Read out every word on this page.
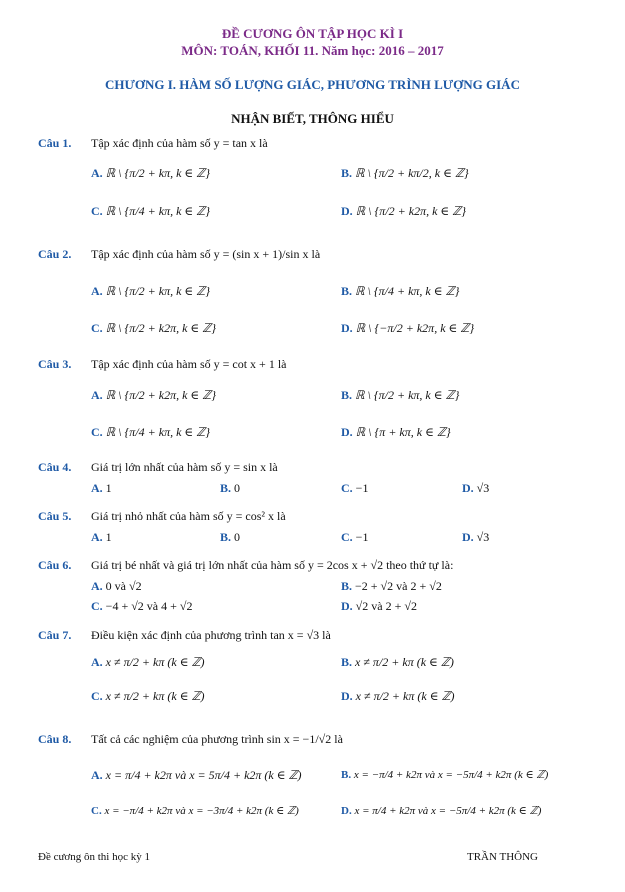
ĐỀ CƯƠNG ÔN TẬP HỌC KÌ I
MÔN: TOÁN, KHỐI 11. Năm học: 2016 – 2017
CHƯƠNG I. HÀM SỐ LƯỢNG GIÁC, PHƯƠNG TRÌNH LƯỢNG GIÁC
NHẬN BIẾT, THÔNG HIỂU
Câu 1. Tập xác định của hàm số y = tan x là
A. ℝ \ {π/2 + kπ, k ∈ ℤ}	B. ℝ \ {π/2 + kπ/2, k ∈ ℤ}
C. ℝ \ {π/4 + kπ, k ∈ ℤ}	D. ℝ \ {π/2 + k2π, k ∈ ℤ}
Câu 2. Tập xác định của hàm số y = (sin x + 1)/sin x là
A. ℝ \ {π/2 + kπ, k ∈ ℤ}	B. ℝ \ {π/4 + kπ, k ∈ ℤ}
C. ℝ \ {π/2 + k2π, k ∈ ℤ}	D. ℝ \ {−π/2 + k2π, k ∈ ℤ}
Câu 3. Tập xác định của hàm số y = cot x + 1 là
A. ℝ \ {π/2 + k2π, k ∈ ℤ}	B. ℝ \ {π/2 + kπ, k ∈ ℤ}
C. ℝ \ {π/4 + kπ, k ∈ ℤ}	D. ℝ \ {π + kπ, k ∈ ℤ}
Câu 4. Giá trị lớn nhất của hàm số y = sin x là
A. 1	B. 0	C. −1	D. √3
Câu 5. Giá trị nhỏ nhất của hàm số y = cos² x là
A. 1	B. 0	C. −1	D. √3
Câu 6. Giá trị bé nhất và giá trị lớn nhất của hàm số y = 2cos x + √2 theo thứ tự là:
A. 0 và √2	B. −2 + √2 và 2 + √2
C. −4 + √2 và 4 + √2	D. √2 và 2 + √2
Câu 7. Điều kiện xác định của phương trình tan x = √3 là
A. x ≠ π/2 + kπ (k ∈ ℤ)	B. x ≠ π/2 + kπ (k ∈ ℤ)
C. x ≠ π/2 + kπ (k ∈ ℤ)	D. x ≠ π/2 + kπ (k ∈ ℤ)
Câu 8. Tất cả các nghiệm của phương trình sin x = −1/√2 là
A. x = π/4 + k2π và x = 5π/4 + k2π (k ∈ ℤ)	B. x = −π/4 + k2π và x = −5π/4 + k2π (k ∈ ℤ)
C. x = −π/4 + k2π và x = −3π/4 + k2π (k ∈ ℤ)	D. x = π/4 + k2π và x = −5π/4 + k2π (k ∈ ℤ)
Đề cương ôn thi học kỳ 1	TRẦN THÔNG
